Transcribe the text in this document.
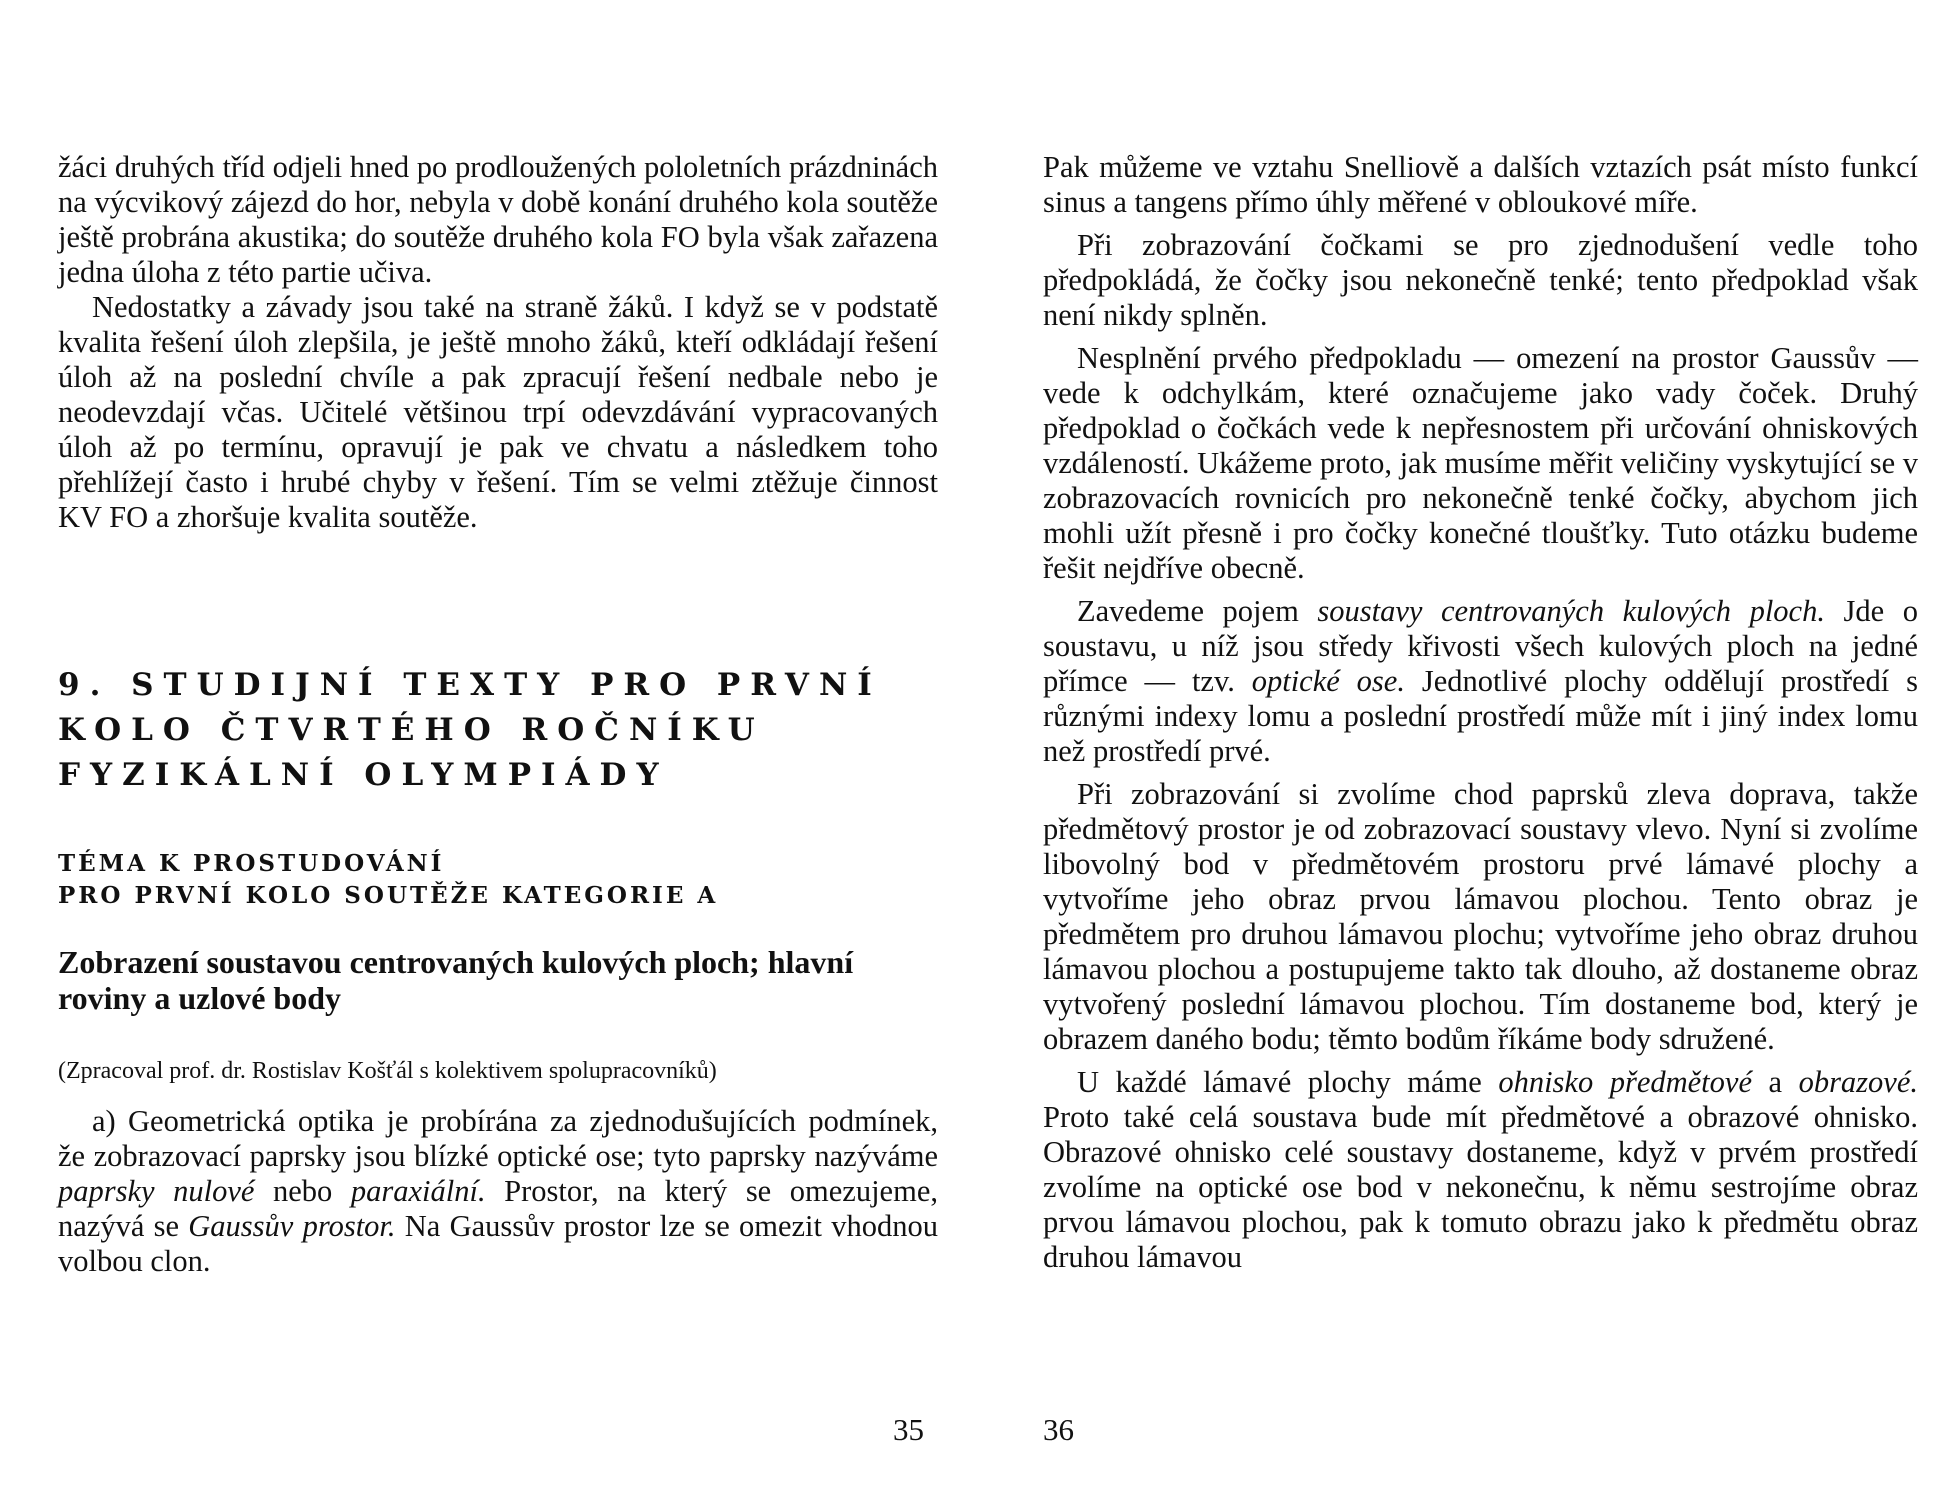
žáci druhých tříd odjeli hned po prodloužených pololetních prázdninách na výcvikový zájezd do hor, nebyla v době konání druhého kola soutěže ještě probrána akustika; do soutěže druhého kola FO byla však zařazena jedna úloha z této partie učiva.

Nedostatky a závady jsou také na straně žáků. I když se v podstatě kvalita řešení úloh zlepšila, je ještě mnoho žáků, kteří odkládají řešení úloh až na poslední chvíle a pak zpracují řešení nedbale nebo je neodevzdají včas. Učitelé většinou trpí odevzdávání vypracovaných úloh až po termínu, opravují je pak ve chvatu a následkem toho přehlížejí často i hrubé chyby v řešení. Tím se velmi ztěžuje činnost KV FO a zhoršuje kvalita soutěže.

9. STUDIJNÍ TEXTY PRO PRVNÍ KOLO ČTVRTÉHO ROČNÍKU FYZIKÁLNÍ OLYMPIÁDY
TÉMA K PROSTUDOVÁNÍ
PRO PRVNÍ KOLO SOUTĚŽE KATEGORIE A
Zobrazení soustavou centrovaných kulových ploch; hlavní roviny a uzlové body

(Zpracoval prof. dr. Rostislav Košťál s kolektivem spolupracovníků)

a) Geometrická optika je probírána za zjednodušujících podmínek, že zobrazovací paprsky jsou blízké optické ose; tyto paprsky nazýváme paprsky nulové nebo paraxiální. Prostor, na který se omezujeme, nazývá se Gaussův prostor. Na Gaussův prostor lze se omezit vhodnou volbou clon.

35

Pak můžeme ve vztahu Snelliově a dalších vztazích psát místo funkcí sinus a tangens přímo úhly měřené v obloukové míře.

Při zobrazování čočkami se pro zjednodušení vedle toho předpokládá, že čočky jsou nekonečně tenké; tento předpoklad však není nikdy splněn.

Nesplnění prvého předpokladu — omezení na prostor Gaussův — vede k odchylkám, které označujeme jako vady čoček. Druhý předpoklad o čočkách vede k nepřesnostem při určování ohniskových vzdáleností. Ukážeme proto, jak musíme měřit veličiny vyskytující se v zobrazovacích rovnicích pro nekonečně tenké čočky, abychom jich mohli užít přesně i pro čočky konečné tloušťky. Tuto otázku budeme řešit nejdříve obecně.

Zavedeme pojem soustavy centrovaných kulových ploch. Jde o soustavu, u níž jsou středy křivosti všech kulových ploch na jedné přímce — tzv. optické ose. Jednotlivé plochy oddělují prostředí s různými indexy lomu a poslední prostředí může mít i jiný index lomu než prostředí prvé.

Při zobrazování si zvolíme chod paprsků zleva doprava, takže předmětový prostor je od zobrazovací soustavy vlevo. Nyní si zvolíme libovolný bod v předmětovém prostoru prvé lámavé plochy a vytvoříme jeho obraz prvou lámavou plochou. Tento obraz je předmětem pro druhou lámavou plochu; vytvoříme jeho obraz druhou lámavou plochou a postupujeme takto tak dlouho, až dostaneme obraz vytvořený poslední lámavou plochou. Tím dostaneme bod, který je obrazem daného bodu; těmto bodům říkáme body sdružené.

U každé lámavé plochy máme ohnisko předmětové a obrazové. Proto také celá soustava bude mít předmětové a obrazové ohnisko. Obrazové ohnisko celé soustavy dostaneme, když v prvém prostředí zvolíme na optické ose bod v nekonečnu, k němu sestrojíme obraz prvou lámavou plochou, pak k tomuto obrazu jako k předmětu obraz druhou lámavou

36
